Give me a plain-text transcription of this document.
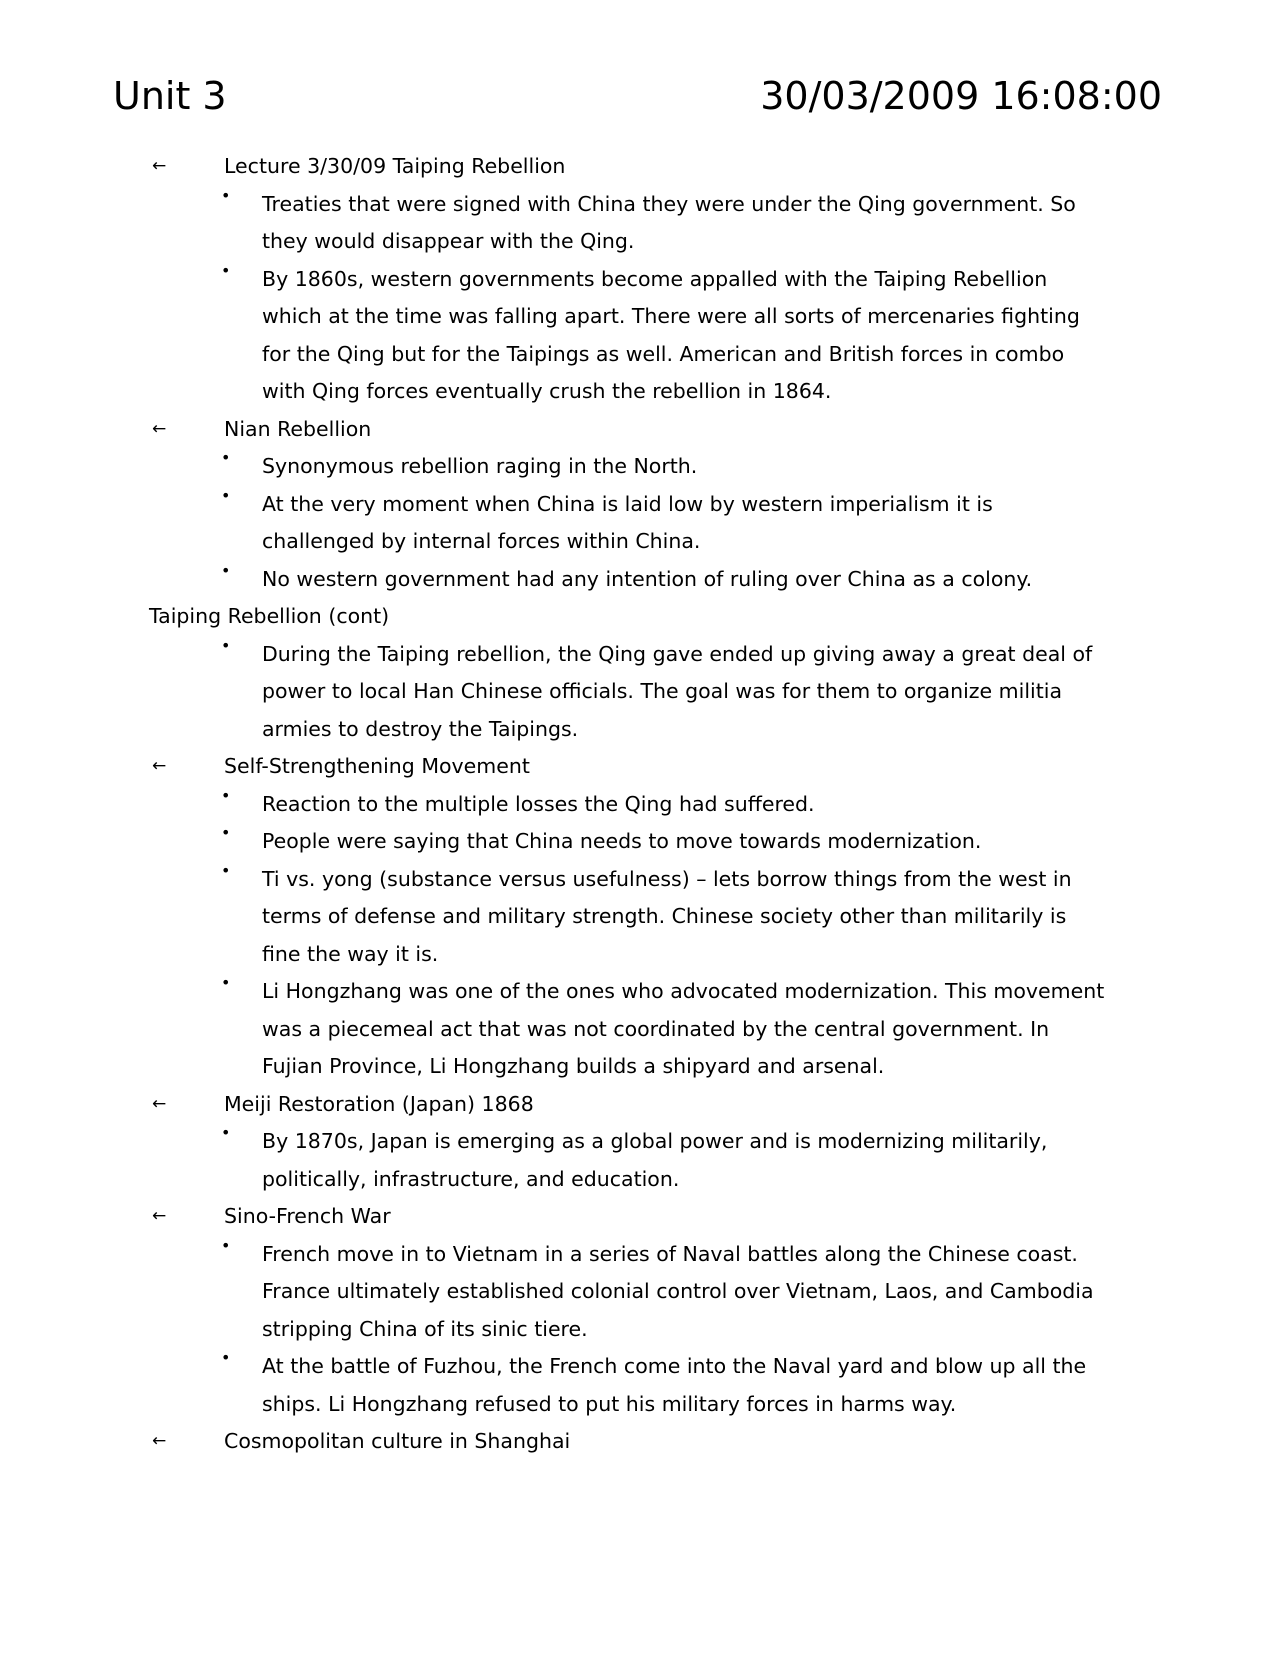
Unit 3	30/03/2009 16:08:00
←	Lecture 3/30/09 Taiping Rebellion
• Treaties that were signed with China they were under the Qing government. So
they would disappear with the Qing.
• By 1860s, western governments become appalled with the Taiping Rebellion
which at the time was falling apart. There were all sorts of mercenaries fighting
for the Qing but for the Taipings as well. American and British forces in combo
with Qing forces eventually crush the rebellion in 1864.
←	Nian Rebellion
• Synonymous rebellion raging in the North.
• At the very moment when China is laid low by western imperialism it is
challenged by internal forces within China.
• No western government had any intention of ruling over China as a colony.
Taiping Rebellion (cont)
• During the Taiping rebellion, the Qing gave ended up giving away a great deal of
power to local Han Chinese officials. The goal was for them to organize militia
armies to destroy the Taipings.
←	Self-Strengthening Movement
• Reaction to the multiple losses the Qing had suffered.
• People were saying that China needs to move towards modernization.
• Ti vs. yong (substance versus usefulness) – lets borrow things from the west in
terms of defense and military strength. Chinese society other than militarily is
fine the way it is.
• Li Hongzhang was one of the ones who advocated modernization. This movement
was a piecemeal act that was not coordinated by the central government. In
Fujian Province, Li Hongzhang builds a shipyard and arsenal.
←	Meiji Restoration (Japan) 1868
• By 1870s, Japan is emerging as a global power and is modernizing militarily,
politically, infrastructure, and education.
←	Sino-French War
• French move in to Vietnam in a series of Naval battles along the Chinese coast.
France ultimately established colonial control over Vietnam, Laos, and Cambodia
stripping China of its sinic tiere.
• At the battle of Fuzhou, the French come into the Naval yard and blow up all the
ships. Li Hongzhang refused to put his military forces in harms way.
←	Cosmopolitan culture in Shanghai
